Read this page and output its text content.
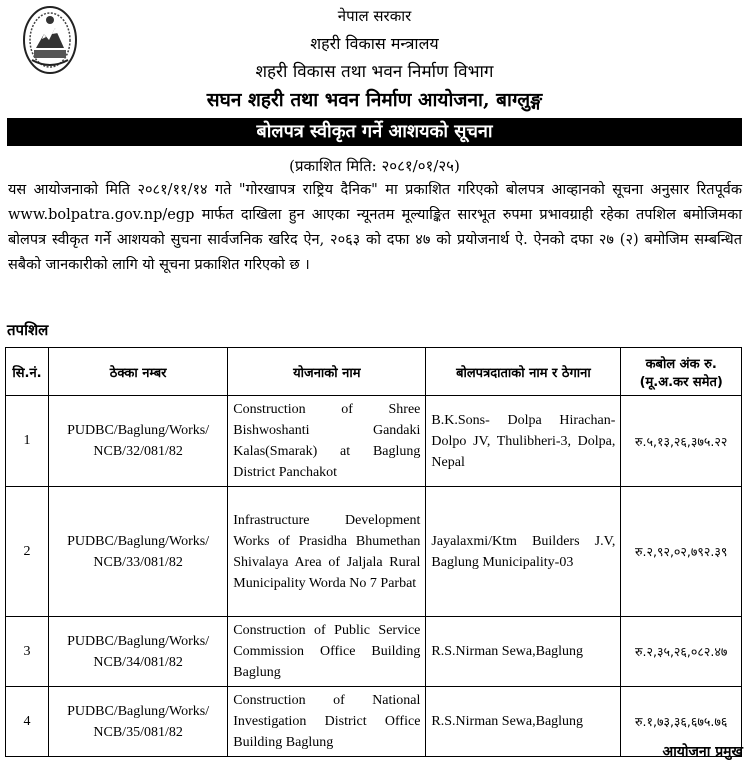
नेपाल सरकार
शहरी विकास मन्त्रालय
शहरी विकास तथा भवन निर्माण विभाग
सघन शहरी तथा भवन निर्माण आयोजना, बाग्लुङ्ग
बोलपत्र स्वीकृत गर्ने आशयको सूचना
(प्रकाशित मिति: २०८१/०१/२५)

यस आयोजनाको मिति २०८१/११/१४ गते "गोरखापत्र राष्ट्रिय दैनिक" मा प्रकाशित गरिएको बोलपत्र आव्हानको सूचना अनुसार रितपूर्वक www.bolpatra.gov.np/egp मार्फत दाखिला हुन आएका न्यूनतम मूल्याङ्कित सारभूत रुपमा प्रभावग्राही रहेका तपशिल बमोजिमका बोलपत्र स्वीकृत गर्ने आशयको सुचना सार्वजनिक खरिद ऐन, २०६३ को दफा ४७ को प्रयोजनार्थ ऐ. ऐनको दफा २७ (२) बमोजिम सम्बन्धित सबैको जानकारीको लागि यो सूचना प्रकाशित गरिएको छ ।

तपशिल
सि.नं.	ठेक्का नम्बर	योजनाको नाम	बोलपत्रदाताको नाम र ठेगाना	कबोल अंक रु. (मू.अ.कर समेत)
1	PUDBC/Baglung/Works/ NCB/32/081/82	Construction of Shree Bishwoshanti Gandaki Kalas(Smarak) at Baglung District Panchakot	B.K.Sons- Dolpa Hirachan-Dolpo JV, Thulibheri-3, Dolpa, Nepal	रु.५,१३,२६,३७५.२२
2	PUDBC/Baglung/Works/ NCB/33/081/82	Infrastructure Development Works of Prasidha Bhumethan Shivalaya Area of Jaljala Rural Municipality Worda No 7 Parbat	Jayalaxmi/Ktm Builders J.V, Baglung Municipality-03	रु.२,९२,०२,७९२.३९
3	PUDBC/Baglung/Works/ NCB/34/081/82	Construction of Public Service Commission Office Building Baglung	R.S.Nirman Sewa,Baglung	रु.२,३५,२६,०८२.४७
4	PUDBC/Baglung/Works/ NCB/35/081/82	Construction of National Investigation District Office Building Baglung	R.S.Nirman Sewa,Baglung	रु.१,७३,३६,६७५.७६
आयोजना प्रमुख
